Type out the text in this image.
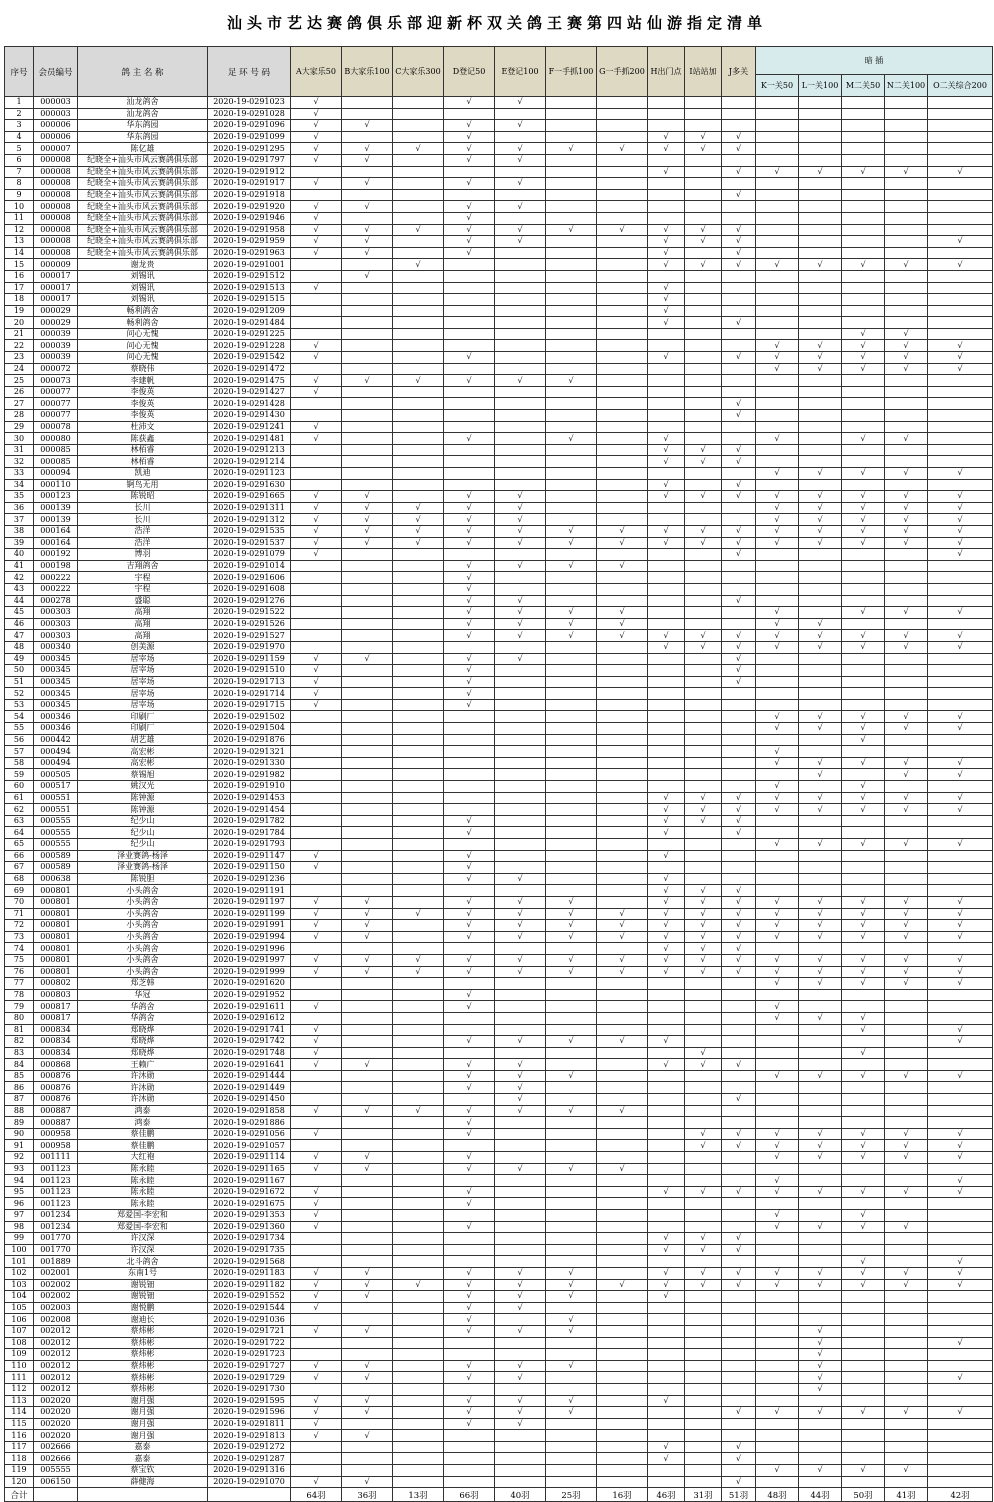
汕头市艺达赛鸽俱乐部迎新杯双关鸽王赛第四站仙游指定清单
序号	会员编号	鸽 主 名 称	足 环 号 码	A大家乐50	B大家乐100	C大家乐300	D登记50	E登记100	F一手抓100	G一手抓200	H出门点	I站站加	J多关	暗 插				
														K一关50	L一关100	M二关50	N二关100	O二关综合200
1	000003	汕龙鸽舍	2020-19-0291023	√			√	√										
2	000003	汕龙鸽舍	2020-19-0291028	√														
3	000006	华东鸽园	2020-19-0291096	√	√		√	√										
4	000006	华东鸽园	2020-19-0291099	√			√				√	√	√					
5	000007	陈亿雄	2020-19-0291295	√	√	√	√	√	√	√	√	√	√					
6	000008	纪晓全+汕头市风云赛鸽俱乐部	2020-19-0291797	√	√		√	√										
7	000008	纪晓全+汕头市风云赛鸽俱乐部	2020-19-0291912								√		√	√	√	√	√	√
8	000008	纪晓全+汕头市风云赛鸽俱乐部	2020-19-0291917	√	√		√	√										
9	000008	纪晓全+汕头市风云赛鸽俱乐部	2020-19-0291918										√					
10	000008	纪晓全+汕头市风云赛鸽俱乐部	2020-19-0291920	√	√		√	√										
11	000008	纪晓全+汕头市风云赛鸽俱乐部	2020-19-0291946	√			√											
12	000008	纪晓全+汕头市风云赛鸽俱乐部	2020-19-0291958	√	√	√	√	√	√	√	√	√	√					
13	000008	纪晓全+汕头市风云赛鸽俱乐部	2020-19-0291959	√	√		√	√			√	√	√					√
14	000008	纪晓全+汕头市风云赛鸽俱乐部	2020-19-0291963	√	√		√				√		√					
15	000009	谢龙贵	2020-19-0291001			√					√	√	√	√	√	√	√	√
16	000017	刘锡讯	2020-19-0291512		√													
17	000017	刘锡讯	2020-19-0291513	√							√							
18	000017	刘锡讯	2020-19-0291515								√							
19	000029	畅利鸽舍	2020-19-0291209								√							
20	000029	畅利鸽舍	2020-19-0291484								√		√					
21	000039	问心无愧	2020-19-0291225													√	√	
22	000039	问心无愧	2020-19-0291228	√										√	√	√	√	√
23	000039	问心无愧	2020-19-0291542	√			√				√		√	√	√	√	√	√
24	000072	蔡晓伟	2020-19-0291472											√	√	√	√	√
25	000073	李建帆	2020-19-0291475	√	√	√	√	√	√									
26	000077	李俊英	2020-19-0291427	√														
27	000077	李俊英	2020-19-0291428										√					
28	000077	李俊英	2020-19-0291430										√					
29	000078	杜沛文	2020-19-0291241	√														
30	000080	陈获鑫	2020-19-0291481	√			√		√		√			√		√	√	
31	000085	林栢睿	2020-19-0291213								√	√	√					
32	000085	林栢睿	2020-19-0291214								√	√	√					
33	000094	凯迪	2020-19-0291123											√	√	√	√	√
34	000110	锕鸟无用	2020-19-0291630								√		√					
35	000123	陈锐昭	2020-19-0291665	√	√		√	√			√	√	√	√	√	√	√	√
36	000139	长川	2020-19-0291311	√	√	√	√	√						√	√	√	√	√
37	000139	长川	2020-19-0291312	√	√	√	√	√						√	√	√	√	√
38	000164	浩洋	2020-19-0291535	√	√	√	√	√	√	√	√	√	√	√	√	√	√	√
39	000164	浩洋	2020-19-0291537	√	√	√	√	√	√	√	√	√	√	√	√	√	√	√
40	000192	博羽	2020-19-0291079	√									√					√
41	000198	吉翔鸽舍	2020-19-0291014				√	√	√	√								
42	000222	宇程	2020-19-0291606				√											
43	000222	宇程	2020-19-0291608				√											
44	000278	盛聪	2020-19-0291276				√	√					√					
45	000303	高翔	2020-19-0291522				√	√	√	√				√		√	√	√
46	000303	高翔	2020-19-0291526				√	√	√	√				√	√			
47	000303	高翔	2020-19-0291527				√	√	√	√	√	√	√	√	√	√	√	√
48	000340	创美源	2020-19-0291970								√	√	√	√	√	√	√	√
49	000345	居宰场	2020-19-0291159	√	√		√	√					√					
50	000345	居宰场	2020-19-0291510	√			√						√					
51	000345	居宰场	2020-19-0291713	√			√						√					
52	000345	居宰场	2020-19-0291714	√			√											
53	000345	居宰场	2020-19-0291715	√			√											
54	000346	印刷厂	2020-19-0291502											√	√	√	√	√
55	000346	印刷厂	2020-19-0291504											√	√	√	√	√
56	000442	胡艺雄	2020-19-0291876													√		
57	000494	高宏彬	2020-19-0291321											√				
58	000494	高宏彬	2020-19-0291330											√	√	√	√	√
59	000505	蔡锡旭	2020-19-0291982												√		√	√
60	000517	姚汉光	2020-19-0291910											√		√		
61	000551	陈钟源	2020-19-0291453								√	√	√	√	√	√	√	√
62	000551	陈钟源	2020-19-0291454								√	√	√	√	√	√	√	√
63	000555	纪少山	2020-19-0291782				√				√	√	√					
64	000555	纪少山	2020-19-0291784				√				√		√					
65	000555	纪少山	2020-19-0291793											√	√	√	√	√
66	000589	泽业赛鸽-杨泽	2020-19-0291147	√			√				√							
67	000589	泽业赛鸽-杨泽	2020-19-0291150	√			√											
68	000638	陈锐胆	2020-19-0291236				√	√			√							
69	000801	小头鸽舍	2020-19-0291191								√	√	√					
70	000801	小头鸽舍	2020-19-0291197	√	√		√	√	√		√	√	√	√	√	√	√	√
71	000801	小头鸽舍	2020-19-0291199	√	√	√	√	√	√	√	√	√	√	√	√	√	√	√
72	000801	小头鸽舍	2020-19-0291991	√	√		√	√	√	√	√	√	√	√	√	√	√	√
73	000801	小头鸽舍	2020-19-0291994	√	√		√	√	√	√	√	√	√	√	√	√	√	√
74	000801	小头鸽舍	2020-19-0291996								√	√	√					
75	000801	小头鸽舍	2020-19-0291997	√	√	√	√	√	√	√	√	√	√	√	√	√	√	√
76	000801	小头鸽舍	2020-19-0291999	√	√	√	√	√	√	√	√	√	√	√	√	√	√	√
77	000802	郑芝韩	2020-19-0291620											√	√	√	√	√
78	000803	华冠	2020-19-0291952				√											
79	000817	华鸽舍	2020-19-0291611	√			√							√				
80	000817	华鸽舍	2020-19-0291612											√	√	√		
81	000834	郑晓烨	2020-19-0291741	√												√		√
82	000834	郑晓烨	2020-19-0291742	√			√	√	√	√	√							√
83	000834	郑晓烨	2020-19-0291748	√								√				√		
84	000868	王赖广	2020-19-0291641	√	√		√	√			√	√	√					
85	000876	许沐勋	2020-19-0291444				√	√	√					√	√	√	√	√
86	000876	许沐勋	2020-19-0291449				√	√										
87	000876	许沐勋	2020-19-0291450					√					√					
88	000887	鸿泰	2020-19-0291858	√	√	√	√	√	√	√								
89	000887	鸿泰	2020-19-0291886				√											
90	000958	蔡佳鹏	2020-19-0291056	√			√					√	√	√	√	√	√	√
91	000958	蔡佳鹏	2020-19-0291057									√	√	√	√	√	√	√
92	001111	大红袍	2020-19-0291114	√	√		√							√	√	√	√	√
93	001123	陈永睦	2020-19-0291165	√	√		√	√	√	√								
94	001123	陈永睦	2020-19-0291167											√				√
95	001123	陈永睦	2020-19-0291672	√			√				√	√	√	√	√	√	√	√
96	001123	陈永睦	2020-19-0291675	√			√											
97	001234	郑爱国-李宏和	2020-19-0291353	√										√		√		
98	001234	郑爱国-李宏和	2020-19-0291360	√			√							√	√	√	√	
99	001770	许汉深	2020-19-0291734								√	√	√					
100	001770	许汉深	2020-19-0291735								√	√	√					
101	001889	北斗鸽舍	2020-19-0291568													√		√
102	002001	东南1号	2020-19-0291183	√	√		√	√	√		√	√	√	√	√	√	√	√
103	002002	谢锐钿	2020-19-0291182	√	√	√	√	√	√	√	√	√	√	√	√	√	√	√
104	002002	谢锐钿	2020-19-0291552	√	√		√	√	√		√							
105	002003	谢悦鹏	2020-19-0291544	√			√	√										
106	002008	谢迪长	2020-19-0291036				√		√									
107	002012	蔡炜彬	2020-19-0291721	√	√		√	√	√						√			
108	002012	蔡炜彬	2020-19-0291722												√			√
109	002012	蔡炜彬	2020-19-0291723												√			
110	002012	蔡炜彬	2020-19-0291727	√	√		√	√	√						√			
111	002012	蔡炜彬	2020-19-0291729	√	√		√	√							√			√
112	002012	蔡炜彬	2020-19-0291730												√			
113	002020	谢月强	2020-19-0291595	√	√		√	√	√		√							
114	002020	谢月强	2020-19-0291596	√	√		√	√	√				√	√	√	√	√	√
115	002020	谢月强	2020-19-0291811	√			√	√										
116	002020	谢月强	2020-19-0291813	√	√													
117	002666	嘉泰	2020-19-0291272								√		√					
118	002666	嘉泰	2020-19-0291287								√		√					
119	005555	蔡宝钦	2020-19-0291316											√	√	√	√	
120	006150	薛健海	2020-19-0291070	√	√								√					
合计				64羽	36羽	13羽	66羽	40羽	25羽	16羽	46羽	31羽	51羽	48羽	44羽	50羽	41羽	42羽
